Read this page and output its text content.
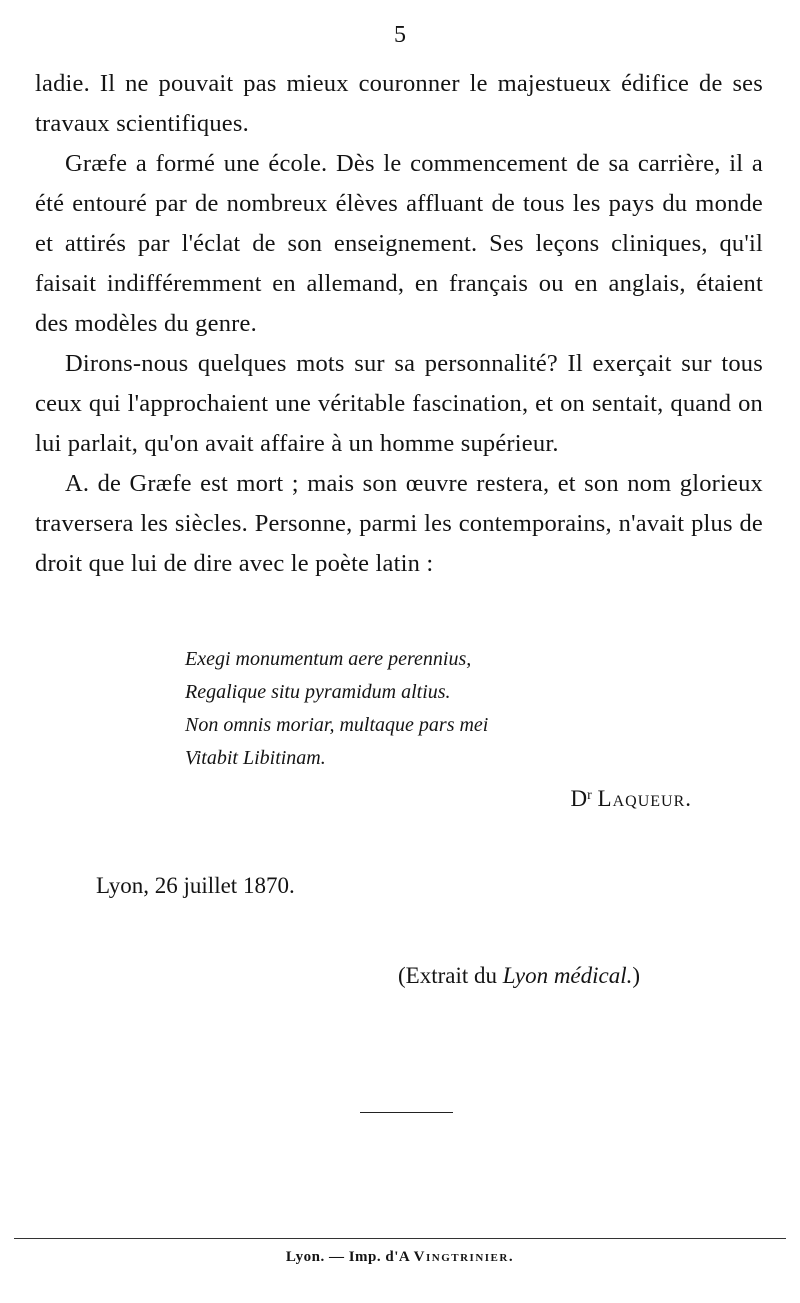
5

ladie. Il ne pouvait pas mieux couronner le majestueux édifice de ses travaux scientifiques.

Græfe a formé une école. Dès le commencement de sa carrière, il a été entouré par de nombreux élèves affluant de tous les pays du monde et attirés par l'éclat de son enseignement. Ses leçons cliniques, qu'il faisait indifféremment en allemand, en français ou en anglais, étaient des modèles du genre.

Dirons-nous quelques mots sur sa personnalité? Il exerçait sur tous ceux qui l'approchaient une véritable fascination, et on sentait, quand on lui parlait, qu'on avait affaire à un homme supérieur.

A. de Græfe est mort ; mais son œuvre restera, et son nom glorieux traversera les siècles. Personne, parmi les contemporains, n'avait plus de droit que lui de dire avec le poète latin :

Exegi monumentum aere perennius,
Regalique situ pyramidum altius.
Non omnis moriar, multaque pars mei
Vitabit Libitinam.
$D^r$ Laqueur.
Lyon, 26 juillet 1870.
(Extrait du Lyon médical.)
Lyon. — Imp. d'A Vingtrinier.
